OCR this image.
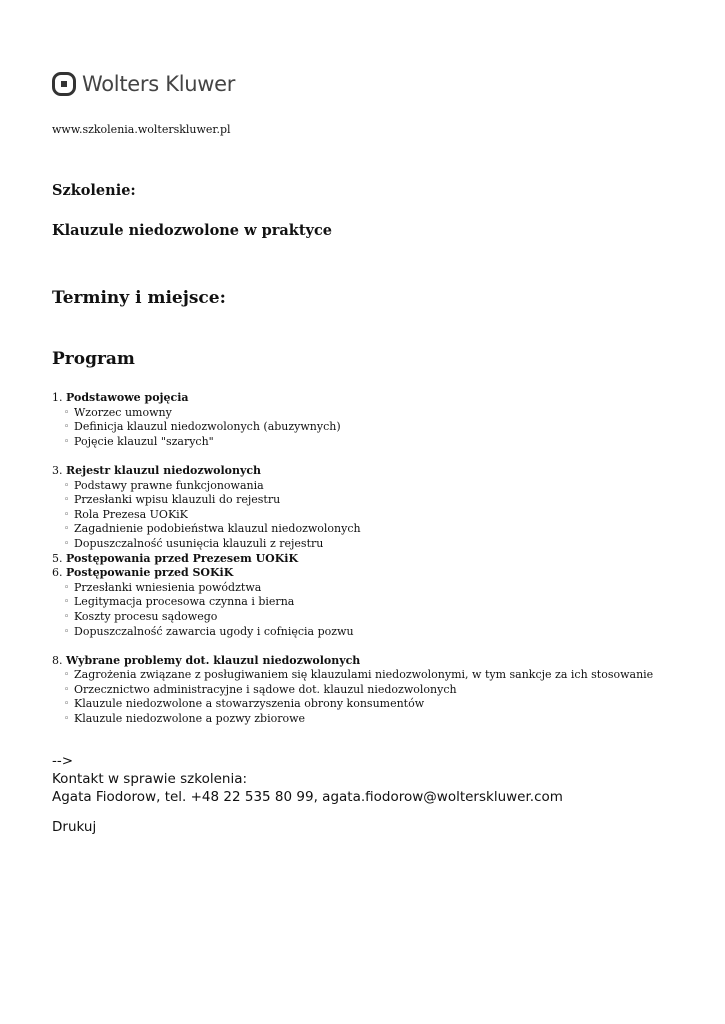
Wolters Kluwer
www.szkolenia.wolterskluwer.pl
Szkolenie:
Klauzule niedozwolone w praktyce
Terminy i miejsce:
Program
1. Podstawowe pojęcia
◦ Wzorzec umowny
◦ Definicja klauzul niedozwolonych (abuzywnych)
◦ Pojęcie klauzul "szarych"
3. Rejestr klauzul niedozwolonych
◦ Podstawy prawne funkcjonowania
◦ Przesłanki wpisu klauzuli do rejestru
◦ Rola Prezesa UOKiK
◦ Zagadnienie podobieństwa klauzul niedozwolonych
◦ Dopuszczalność usunięcia klauzuli z rejestru
5. Postępowania przed Prezesem UOKiK
6. Postępowanie przed SOKiK
◦ Przesłanki wniesienia powództwa
◦ Legitymacja procesowa czynna i bierna
◦ Koszty procesu sądowego
◦ Dopuszczalność zawarcia ugody i cofnięcia pozwu
8. Wybrane problemy dot. klauzul niedozwolonych
◦ Zagrożenia związane z posługiwaniem się klauzulami niedozwolonymi, w tym sankcje za ich stosowanie
◦ Orzecznictwo administracyjne i sądowe dot. klauzul niedozwolonych
◦ Klauzule niedozwolone a stowarzyszenia obrony konsumentów
◦ Klauzule niedozwolone a pozwy zbiorowe
-->
Kontakt w sprawie szkolenia:
Agata Fiodorow, tel. +48 22 535 80 99, agata.fiodorow@wolterskluwer.com
Drukuj
